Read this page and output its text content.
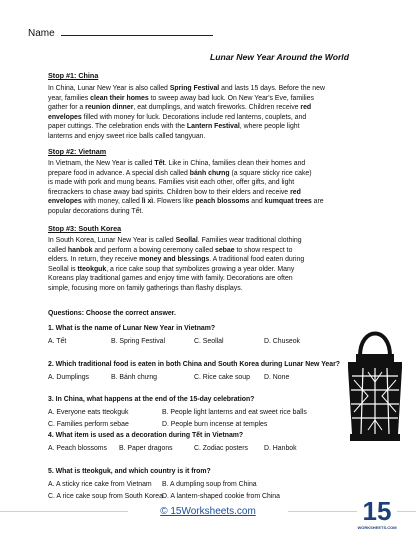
Name
Lunar New Year Around the World
Stop #1: China
In China, Lunar New Year is also called Spring Festival and lasts 15 days. Before the new
year, families clean their homes to sweep away bad luck. On New Year's Eve, families
gather for a reunion dinner, eat dumplings, and watch fireworks. Children receive red
envelopes filled with money for luck. Decorations include red lanterns, couplets, and
paper cuttings. The celebration ends with the Lantern Festival, where people light
lanterns and enjoy sweet rice balls called tangyuan.
Stop #2: Vietnam
In Vietnam, the New Year is called Tết. Like in China, families clean their homes and
prepare food in advance. A special dish called bánh chưng (a square sticky rice cake)
is made with pork and mung beans. Families visit each other, offer gifts, and light
firecrackers to chase away bad spirits. Children bow to their elders and receive red
envelopes with money, called lì xì. Flowers like peach blossoms and kumquat trees are
popular decorations during Tết.
Stop #3: South Korea
In South Korea, Lunar New Year is called Seollal. Families wear traditional clothing
called hanbok and perform a bowing ceremony called sebae to show respect to
elders. In return, they receive money and blessings. A traditional food eaten during
Seollal is tteokguk, a rice cake soup that symbolizes growing a year older. Many
Koreans play traditional games and enjoy time with family. Decorations are often
simple, focusing more on family gatherings than flashy displays.
Questions: Choose the correct answer.
1. What is the name of Lunar New Year in Vietnam?
A. Tết	B. Spring Festival	C. Seollal	D. Chuseok
2. Which traditional food is eaten in both China and South Korea during Lunar New Year?
A. Dumplings	B. Bánh chưng	C. Rice cake soup D. None
3. In China, what happens at the end of the 15-day celebration?
A. Everyone eats tteokguk	B. People light lanterns and eat sweet rice balls
C. Families perform sebae	D. People burn incense at temples
4. What item is used as a decoration during Tết in Vietnam?
A. Peach blossoms B. Paper dragons	C. Zodiac posters D. Hanbok
5. What is tteokguk, and which country is it from?
A. A sticky rice cake from Vietnam B. A dumpling soup from China
C. A rice cake soup from South Korea D. A lantern-shaped cookie from China
© 15Worksheets.com	15
WORKSHEETS.COM
